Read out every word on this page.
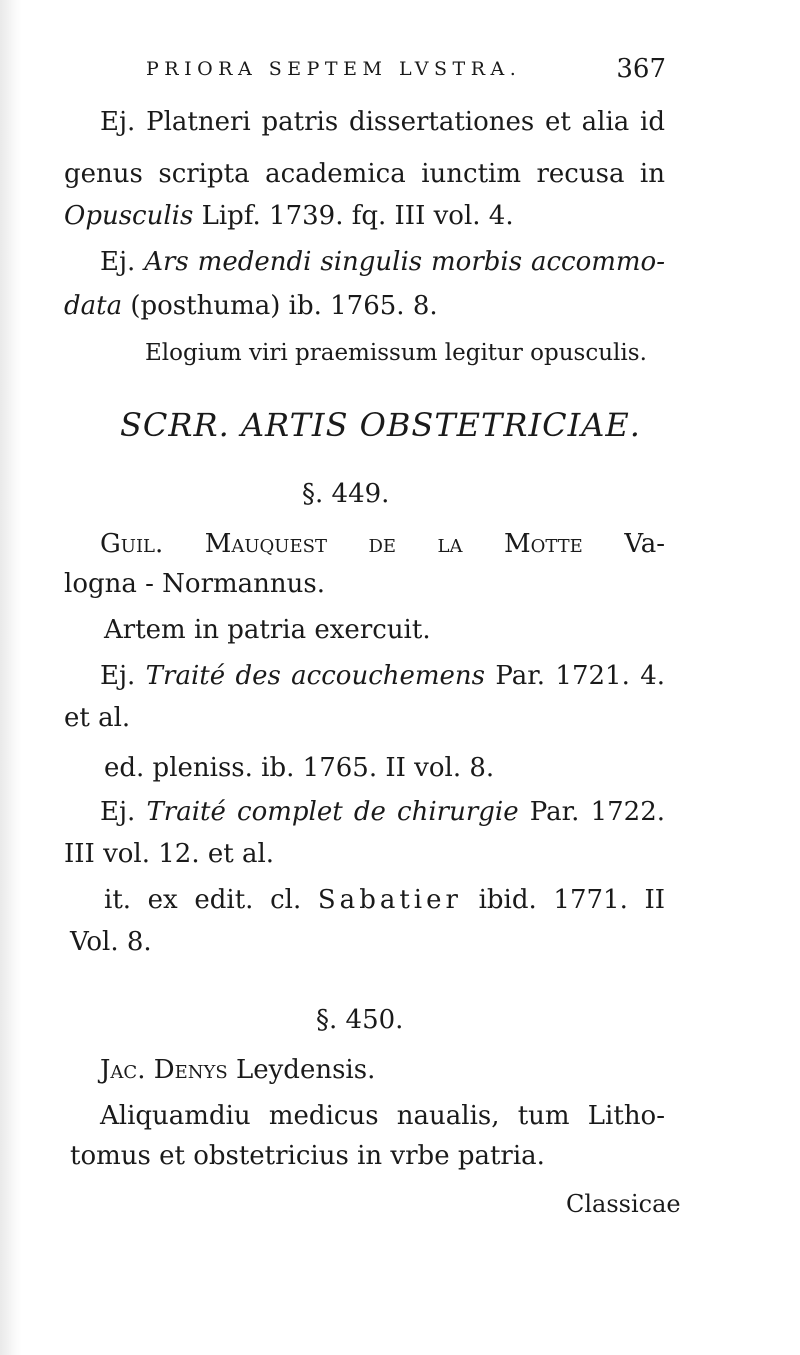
PRIORA SEPTEM LVSTRA.	367
Ej. Platneri patris dissertationes et alia id
genus scripta academica iunctim recusa in
Opusculis Lipf. 1739. fq. III vol. 4.
Ej. Ars medendi singulis morbis accommo-
data (posthuma) ib. 1765. 8.
Elogium viri praemissum legitur opusculis.
SCRR. ARTIS OBSTETRICIAE.
§. 449.
Guil. Mauquest de la Motte Va-
logna - Normannus.
Artem in patria exercuit.
Ej. Traité des accouchemens Par. 1721. 4.
et al.
ed. pleniss. ib. 1765. II vol. 8.
Ej. Traité complet de chirurgie Par. 1722.
III vol. 12. et al.
it. ex edit. cl. Sabatier ibid. 1771. II
Vol. 8.
§. 450.
Jac. Denys Leydensis.
Aliquamdiu medicus naualis, tum Litho-
tomus et obstetricius in vrbe patria.
Classicae
